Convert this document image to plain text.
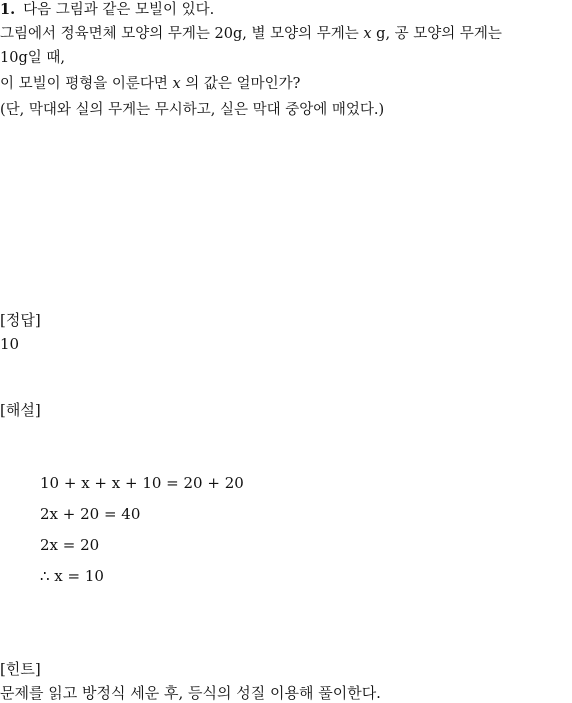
1. 다음 그림과 같은 모빌이 있다.
그림에서 정육면체 모양의 무게는 20g, 별 모양의 무게는 x g, 공 모양의 무게는
10g일 때,
이 모빌이 평형을 이룬다면 x 의 값은 얼마인가?
(단, 막대와 실의 무게는 무시하고, 실은 막대 중앙에 매었다.)
[정답]
10
[해설]
10 + x + x + 10 = 20 + 20
2x + 20 = 40
2x = 20
∴ x = 10
[힌트]
문제를 읽고 방정식 세운 후, 등식의 성질 이용해 풀이한다.
